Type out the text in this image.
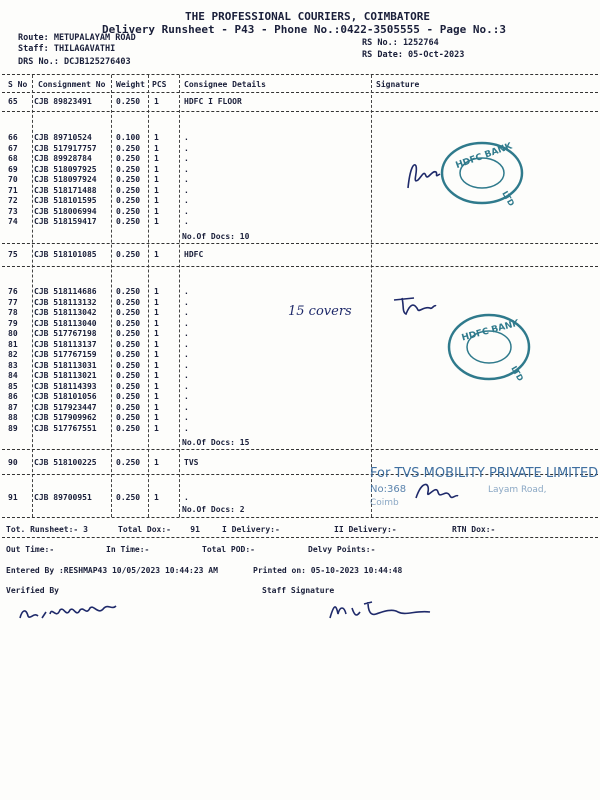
THE PROFESSIONAL COURIERS, COIMBATORE
Delivery Runsheet - P43 - Phone No.:0422-3505555 - Page No.:3
Route: METUPALAYAM ROAD
Staff: THILAGAVATHI
DRS No.: DCJB125276403
RS No.: 1252764
RS Date: 05-Oct-2023
S No Consignment No Weight PCS Consignee Details	Signature
65 CJB 89823491	0.250 1	HDFC I FLOOR
66 CJB 89710524	0.100 1	.
67 CJB 517917757 0.250 1	.
68 CJB 89928784	0.250 1	.
69 CJB 518097925 0.250 1	.
70 CJB 518097924 0.250 1	.
71 CJB 518171488 0.250 1	.
72 CJB 518101595 0.250 1	.
73 CJB 518006994 0.250 1	.
74 CJB 518159417 0.250 1	.
No.Of Docs: 10
75 CJB 518101085 0.250 1	HDFC
76 CJB 518114686 0.250 1	.
77 CJB 518113132 0.250 1	.
78 CJB 518113042 0.250 1	.
79 CJB 518113040 0.250 1	.
80 CJB 517767198 0.250 1	.
81 CJB 518113137 0.250 1	.
82 CJB 517767159 0.250 1	.
83 CJB 518113031 0.250 1	.
84 CJB 518113021 0.250 1	.
85 CJB 518114393 0.250 1	.
86 CJB 518101056 0.250 1	.
87 CJB 517923447 0.250 1	.
88 CJB 517909962 0.250 1	.
89 CJB 517767551 0.250 1	.
No.Of Docs: 15
90 CJB 518100225 0.250 1	TVS
91 CJB 89700951	0.250 1	.
No.Of Docs: 2
Tot. Runsheet:- 3	Total Dox:-    91	I Delivery:-	II Delivery:-	RTN Dox:-
Out Time:-	In Time:-	Total POD:-	Delvy Points:-
Entered By :RESHMAP43 10/05/2023 10:44:23 AM	Printed on: 05-10-2023 10:44:48
Verified By	Staff Signature
HDFC BANK
LTD
HDFC BANK
LTD
For TVS MOBILITY PRIVATE LIMITED
No:368	Layam Road,
Coimb
15 covers
